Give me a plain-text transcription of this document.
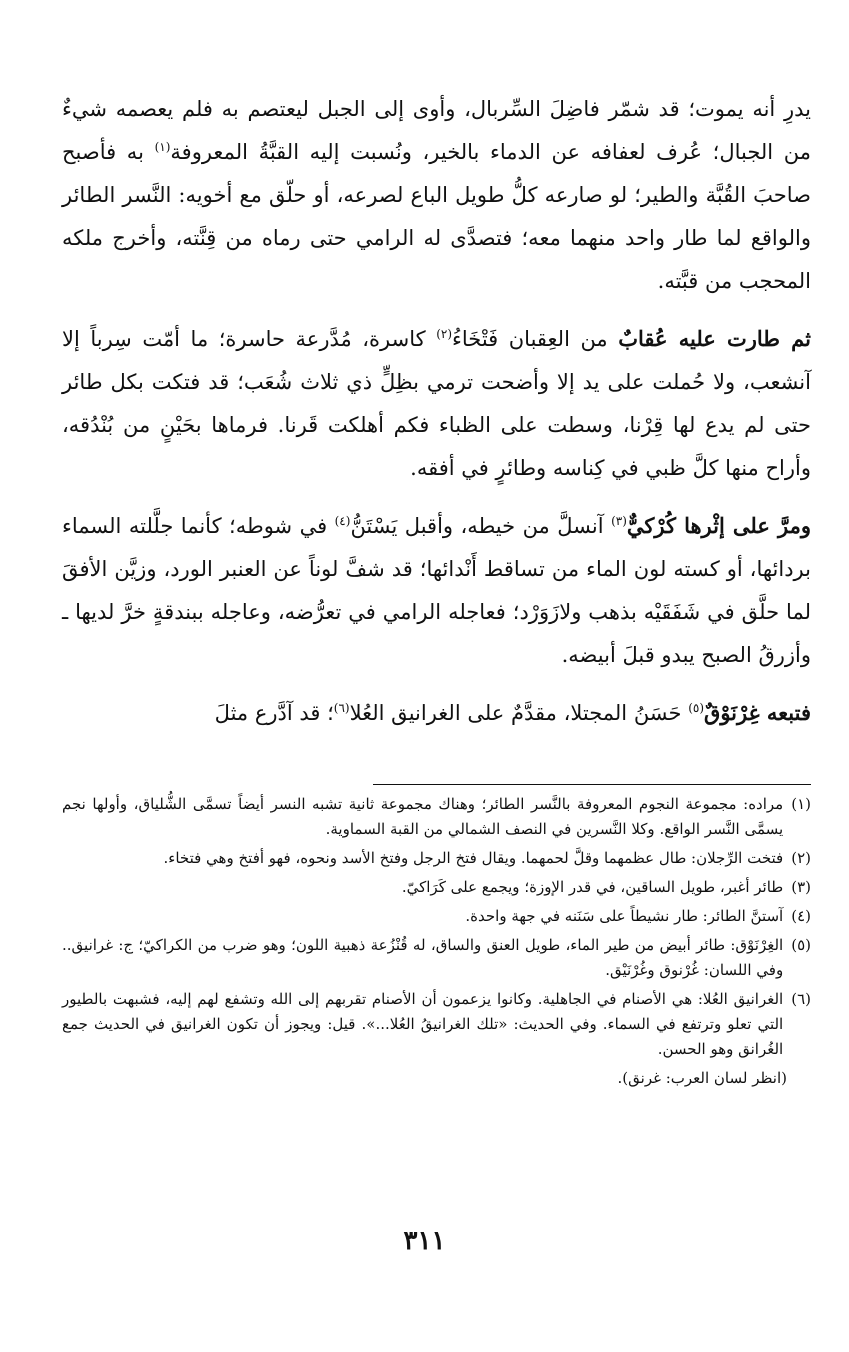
يدرِ أنه يموت؛ قد شمّر فاضِلَ السِّربال، وأوى إلى الجبل ليعتصم به فلم يعصمه شيءٌ من الجبال؛ عُرف لعفافه عن الدماء بالخير، ونُسبت إليه القبَّةُ المعروفة$^{(١)}$ به فأصبح صاحبَ القُبَّة والطير؛ لو صارعه كلُّ طويل الباع لصرعه، أو حلّق مع أخويه: النَّسر الطائر والواقع لما طار واحد منهما معه؛ فتصدَّى له الرامي حتى رماه من قِنَّته، وأخرج ملكه المحجب من قبَّته.

ثم طارت عليه عُقابٌ من العِقبان فَتْخَاءُ$^{(٢)}$ كاسرة، مُدَّرعة حاسرة؛ ما أمّت سِرباً إلا آنشعب، ولا حُملت على يد إلا وأضحت ترمي بظِلٍّ ذي ثلاث شُعَب؛ قد فتكت بكل طائر حتى لم يدع لها قِرْنا، وسطت على الظباء فكم أهلكت قَرنا. فرماها بحَيْنٍ من بُنْدُقه، وأراح منها كلَّ ظبي في كِناسه وطائرٍ في أفقه.

ومرَّ على إثْرها كُرْكيٌّ$^{(٣)}$ آنسلَّ من خيطه، وأقبل يَسْتَنُّ$^{(٤)}$ في شوطه؛ كأنما جلَّلته السماء بردائها، أو كسته لون الماء من تساقط أَنْدائها؛ قد شفَّ لوناً عن العنبر الورد، وزيَّن الأفقَ لما حلَّق في شَفَقَيْه بذهب ولازَوَرْد؛ فعاجله الرامي في تعرُّضه، وعاجله ببندقةٍ خرَّ لديها ـ وأزرقُ الصبح يبدو قبلَ أبيضه.

فتبعه غِرْنَوْقٌ$^{(٥)}$ حَسَنُ المجتلا، مقدَّمٌ على الغرانيق العُلا$^{(٦)}$؛ قد آدَّرع مثلَ

(١)
مراده: مجموعة النجوم المعروفة بالنَّسر الطائر؛ وهناك مجموعة ثانية تشبه النسر أيضاً تسمَّى الشُّلياق، وأولها نجم يسمَّى النَّسر الواقع. وكلا النَّسرين في النصف الشمالي من القبة السماوية.
(٢)
فتخت الرِّجلان: طال عظمهما وقلَّ لحمهما. ويقال فتخ الرجل وفتخ الأسد ونحوه، فهو أفتخ وهي فتخاء.
(٣)
طائر أغبر، طويل الساقين، في قدر الإوزة؛ ويجمع على كَرَاكيّ.
(٤)
آستنَّ الطائر: طار نشيطاً على سَنَنه في جهة واحدة.
(٥)
الغِرْنَوْق: طائر أبيض من طير الماء، طويل العنق والساق، له قُنْزُعة ذهبية اللون؛ وهو ضرب من الكراكيّ؛ ج: غرانيق.. وفي اللسان: غُرْنوق وغُرْنَيْق.
(٦)
الغرانيق العُلا: هي الأصنام في الجاهلية. وكانوا يزعمون أن الأصنام تقربهم إلى الله وتشفع لهم إليه، فشبهت بالطيور التي تعلو وترتفع في السماء. وفي الحديث: «تلك الغرانيقُ العُلا...». قيل: ويجوز أن تكون الغرانيق في الحديث جمع الغُرانق وهو الحسن.
(انظر لسان العرب: غرنق).
٣١١
